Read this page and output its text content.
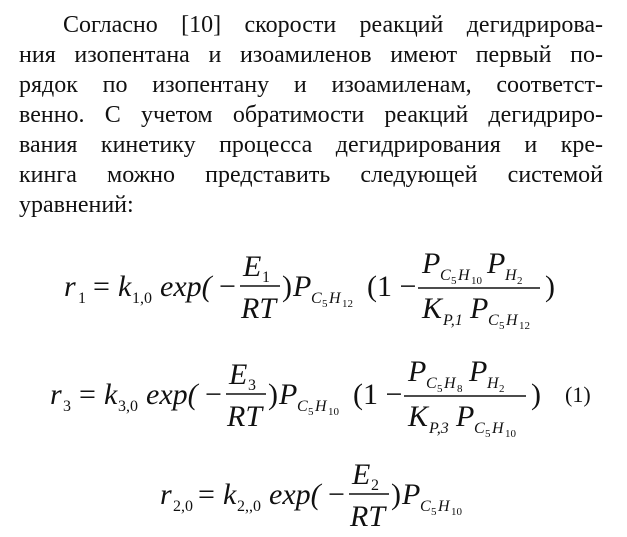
Согласно [10] скорости реакций дегидрирова-

ния изопентана и изоамиленов имеют первый по-

рядок по изопентану и изоамиленам, соответст-

венно. С учетом обратимости реакций дегидриро-

вания кинетику процесса дегидрирования и кре-

кинга можно представить следующей системой

уравнений:

r 1 = k 1,0 exp( −
E 1
RT
) P C 5 H 12
(1 −
P C 5 H 10
P H 2
K P,1 P C 5 H 12
)
r 3 = k 3,0 exp( −
E 3
RT
) P C 5 H 10
(1 −
P C 5 H 8
P H 2
K P,3 P C 5 H 10
) (1)
r 2,0 = k 2,,0 exp( −
E 2
RT
) P C 5 H 10
